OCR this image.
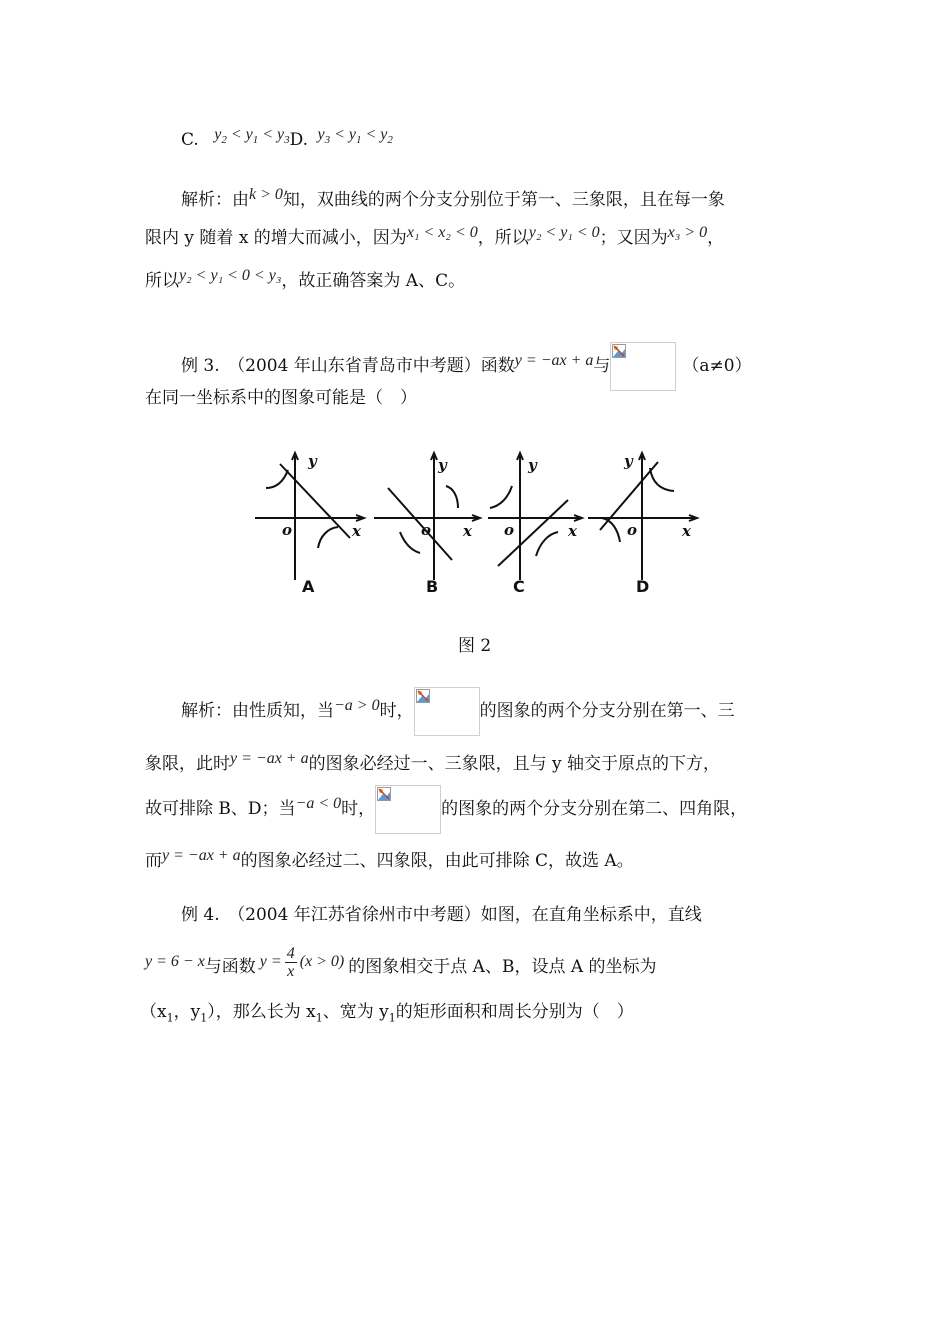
C. $y_2 < y_1 < y_3D$. $y_3 < y_1 < y_2$
解析：由k > 0知，双曲线的两个分支分别位于第一、三象限，且在每一象
限内 y 随着 x 的增大而减小，因为x₁ < x₂ < 0，所以y₂ < y₁ < 0；又因为x₃ > 0，
所以y₂ < y₁ < 0 < y₃，故正确答案为 A、C。
例 3.　（2004 年山东省青岛市中考题）函数y = −ax + a与	（a≠0）
在同一坐标系中的图象可能是（　）
y
x
o
y
x
o
y
x
o
y
x
o
A	B	C	D
图 2
解析：由性质知，当−a > 0时，	的图象的两个分支分别在第一、三
象限，此时y = −ax + a的图象必经过一、三象限，且与 y 轴交于原点的下方，
故可排除 B、D；当−a < 0时，	的图象的两个分支分别在第二、四角限，
而y = −ax + a的图象必经过二、四象限，由此可排除 C，故选 A。
例 4.　（2004 年江苏省徐州市中考题）如图，在直角坐标系中，直线
y = 6 − x与函数 $y = \frac{4}{x} (x > 0)$ 的图象相交于点 A、B，设点 A 的坐标为
（$x_1$，$y_1$），那么长为 $x_1$、宽为 $y_1$的矩形面积和周长分别为（　）
